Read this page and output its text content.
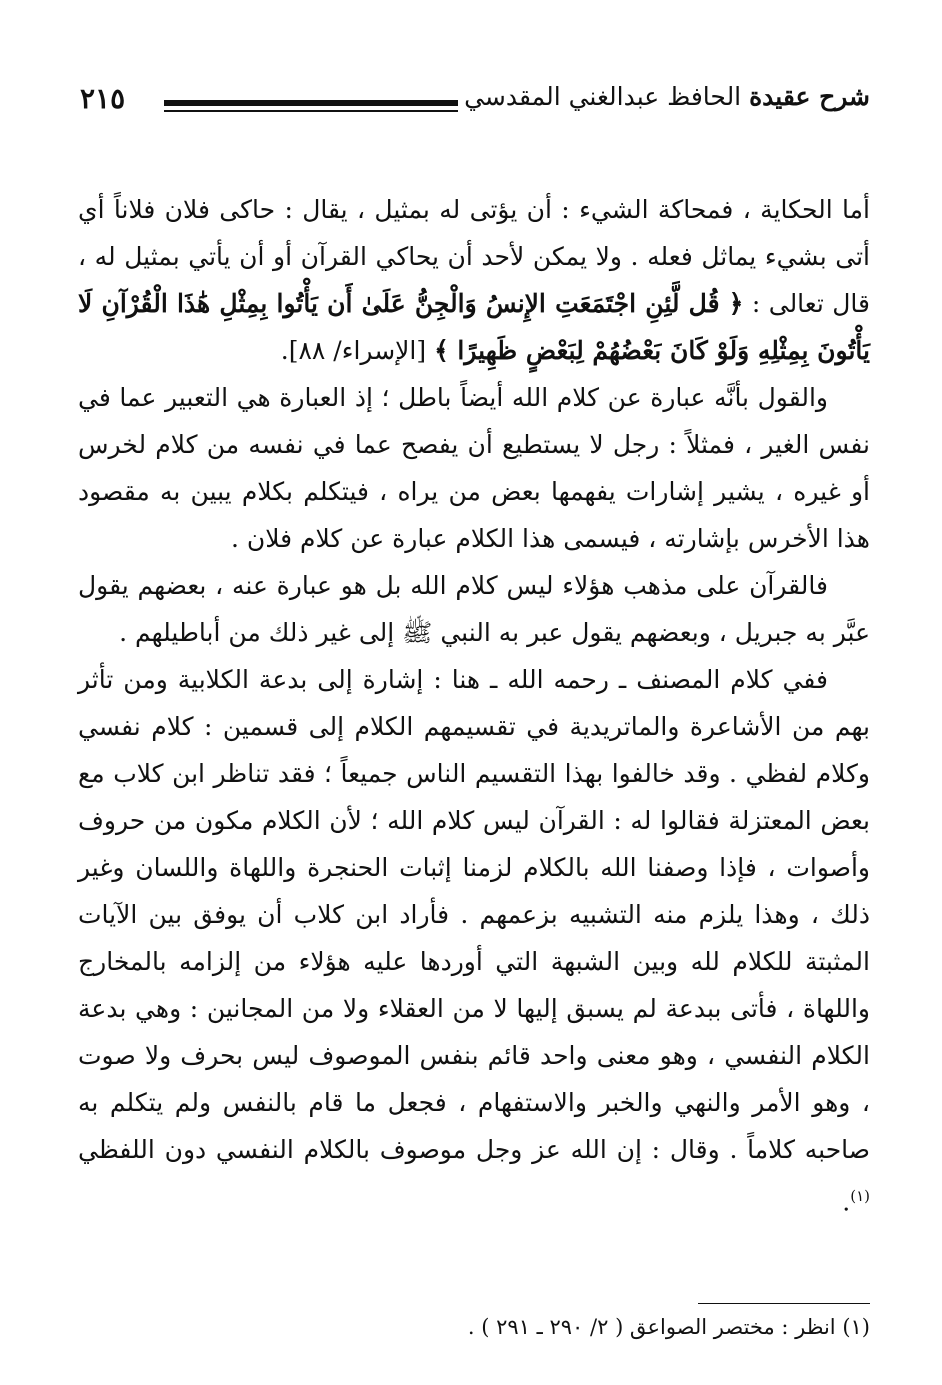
شرح عقيدة الحافظ عبدالغني المقدسي
٢١٥

أما الحكاية ، فمحاكة الشيء : أن يؤتى له بمثيل ، يقال : حاكى فلان فلاناً أي أتى بشيء يماثل فعله . ولا يمكن لأحد أن يحاكي القرآن أو أن يأتي بمثيل له ، قال تعالى : ﴿ قُل لَّئِنِ اجْتَمَعَتِ الإِنسُ وَالْجِنُّ عَلَىٰ أَن يَأْتُوا بِمِثْلِ هَٰذَا الْقُرْآنِ لَا يَأْتُونَ بِمِثْلِهِ وَلَوْ كَانَ بَعْضُهُمْ لِبَعْضٍ ظَهِيرًا ﴾ [الإسراء/ ٨٨].

والقول بأنَّه عبارة عن كلام الله أيضاً باطل ؛ إذ العبارة هي التعبير عما في نفس الغير ، فمثلاً : رجل لا يستطيع أن يفصح عما في نفسه من كلام لخرس أو غيره ، يشير إشارات يفهمها بعض من يراه ، فيتكلم بكلام يبين به مقصود هذا الأخرس بإشارته ، فيسمى هذا الكلام عبارة عن كلام فلان .

فالقرآن على مذهب هؤلاء ليس كلام الله بل هو عبارة عنه ، بعضهم يقول عبَّر به جبريل ، وبعضهم يقول عبر به النبي ﷺ إلى غير ذلك من أباطيلهم .

ففي كلام المصنف ـ رحمه الله ـ هنا : إشارة إلى بدعة الكلابية ومن تأثر بهم من الأشاعرة والماتريدية في تقسيمهم الكلام إلى قسمين : كلام نفسي وكلام لفظي . وقد خالفوا بهذا التقسيم الناس جميعاً ؛ فقد تناظر ابن كلاب مع بعض المعتزلة فقالوا له : القرآن ليس كلام الله ؛ لأن الكلام مكون من حروف وأصوات ، فإذا وصفنا الله بالكلام لزمنا إثبات الحنجرة واللهاة واللسان وغير ذلك ، وهذا يلزم منه التشبيه بزعمهم . فأراد ابن كلاب أن يوفق بين الآيات المثبتة للكلام لله وبين الشبهة التي أوردها عليه هؤلاء من إلزامه بالمخارج واللهاة ، فأتى ببدعة لم يسبق إليها لا من العقلاء ولا من المجانين : وهي بدعة الكلام النفسي ، وهو معنى واحد قائم بنفس الموصوف ليس بحرف ولا صوت ، وهو الأمر والنهي والخبر والاستفهام ، فجعل ما قام بالنفس ولم يتكلم به صاحبه كلاماً . وقال : إن الله عز وجل موصوف بالكلام النفسي دون اللفظي $^{(١)}$.

(١) انظر : مختصر الصواعق ( ٢/ ٢٩٠ ـ ٢٩١ ) .
